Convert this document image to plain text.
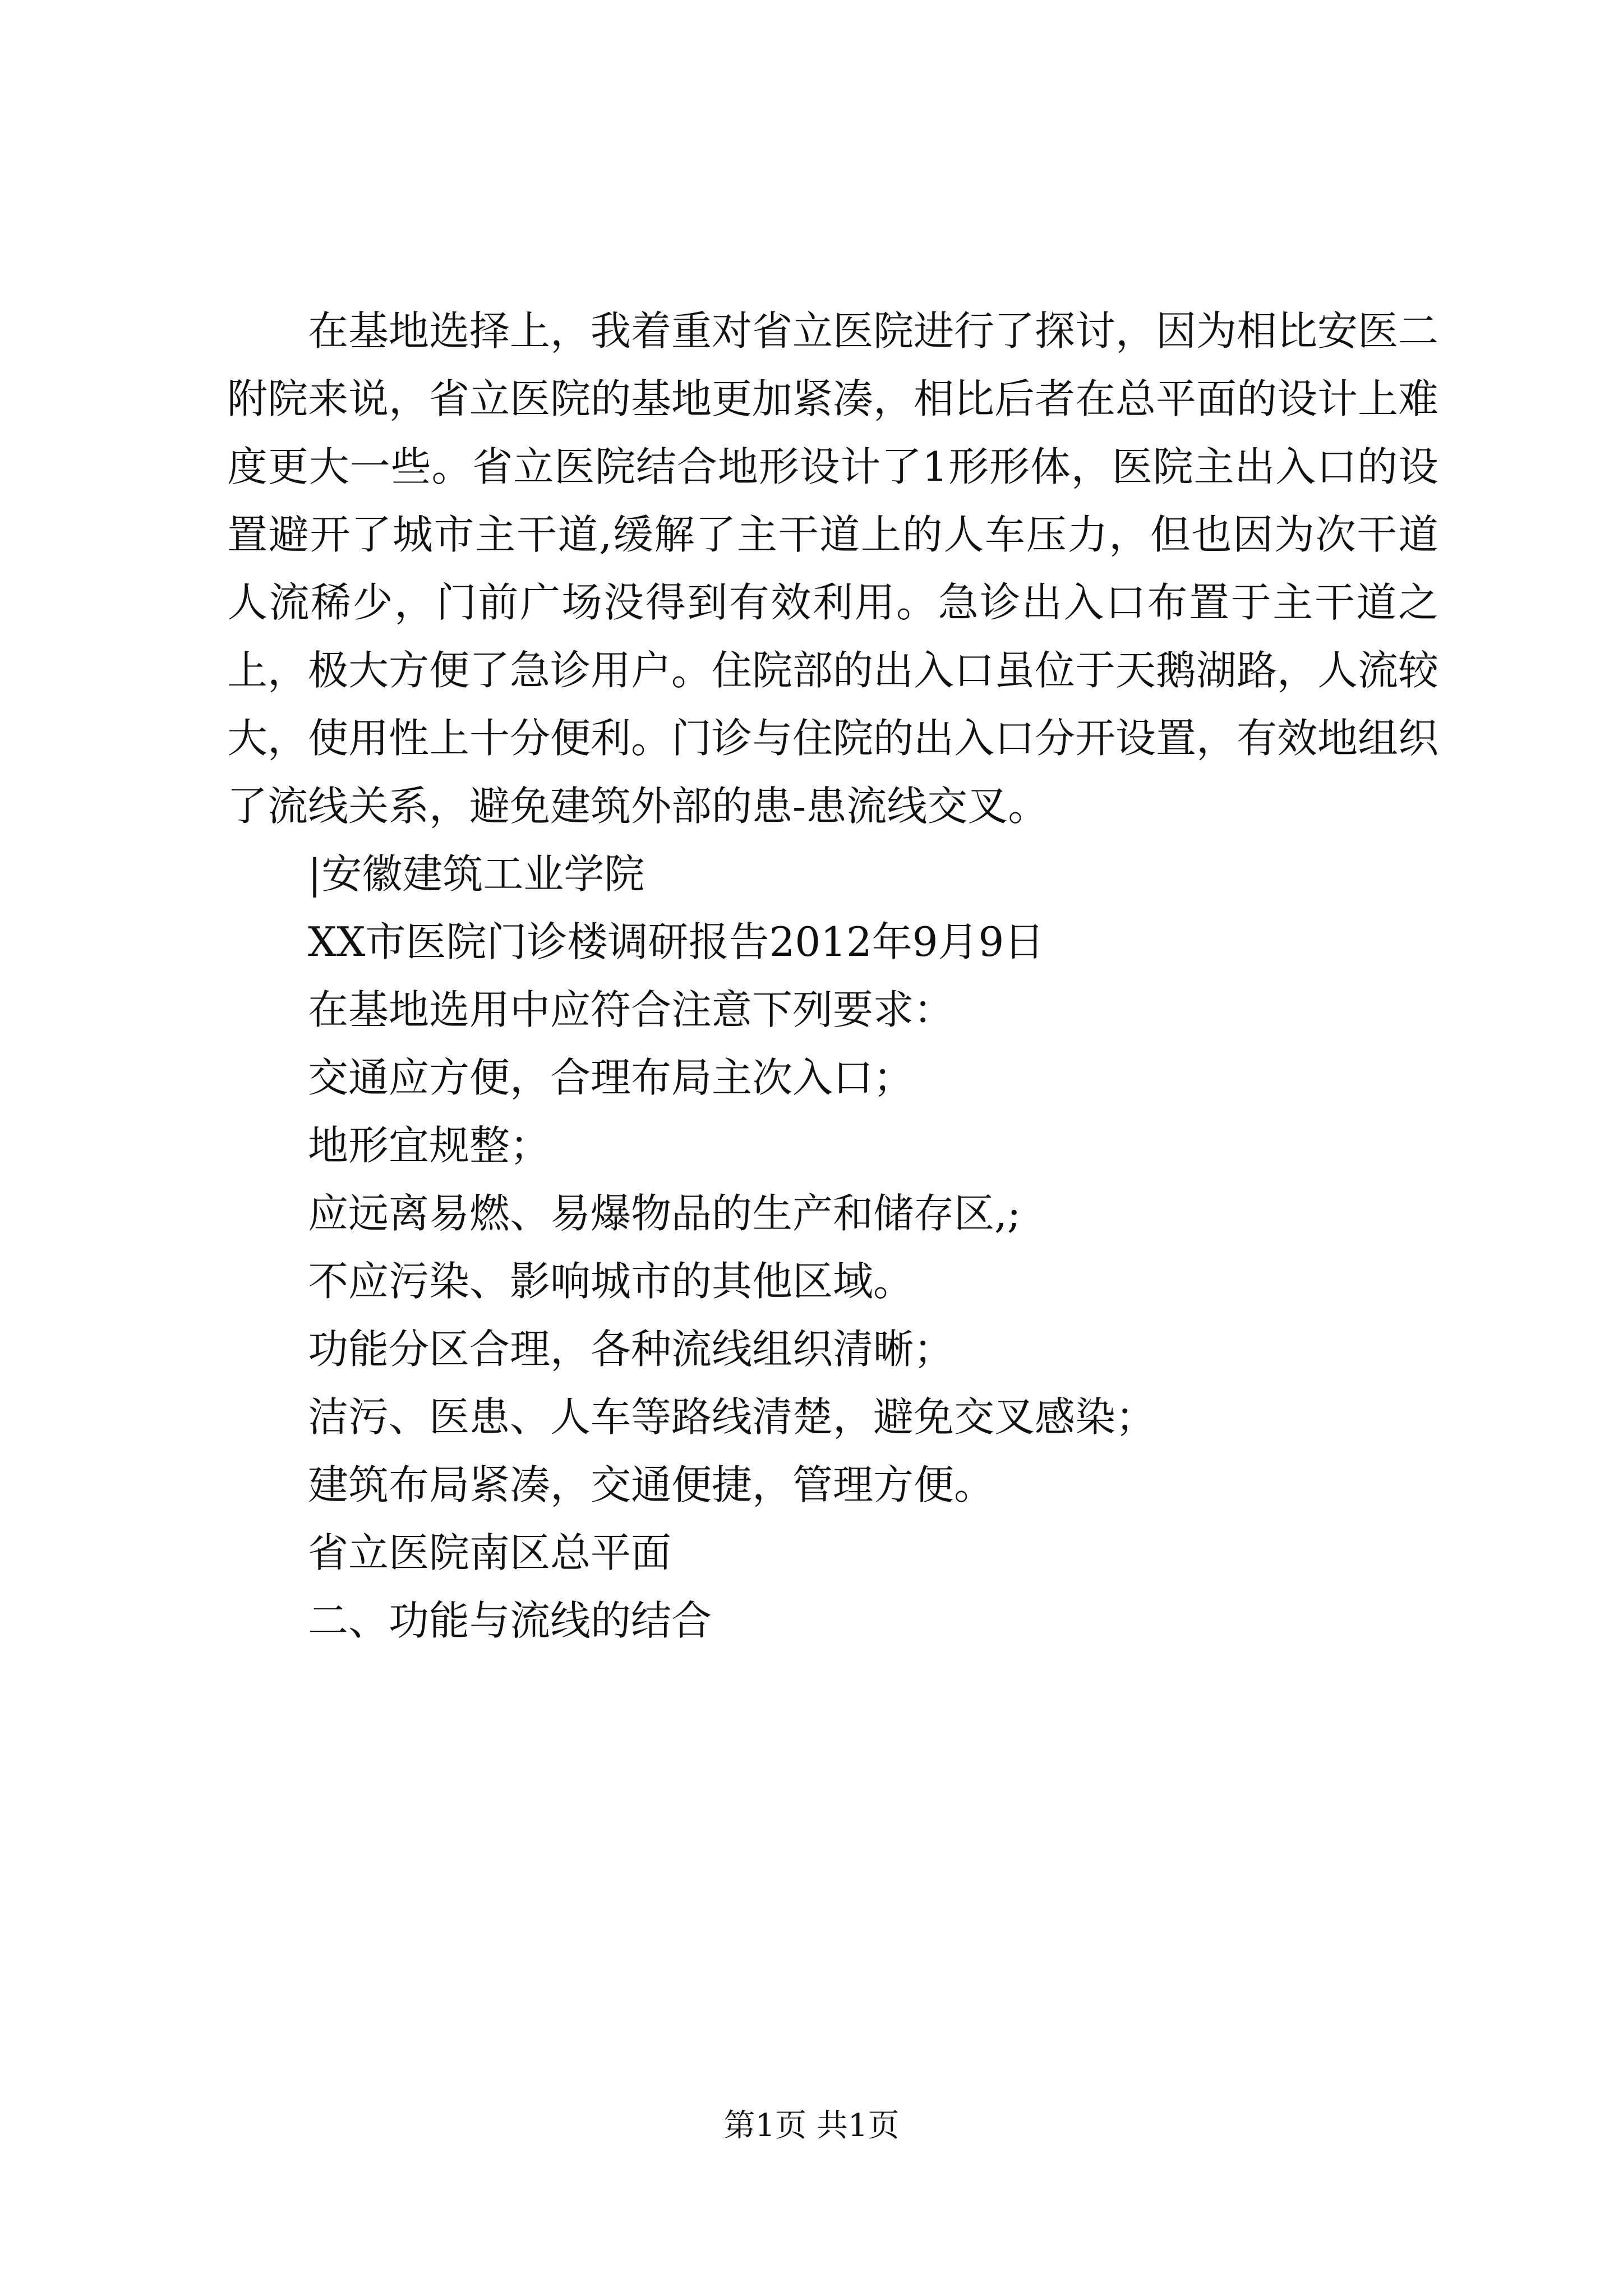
在基地选择上，我着重对省立医院进行了探讨，因为相比安医二附院来说，省立医院的基地更加紧凑，相比后者在总平面的设计上难度更大一些。省立医院结合地形设计了1形形体，医院主出入口的设置避开了城市主干道,缓解了主干道上的人车压力，但也因为次干道人流稀少，门前广场没得到有效利用。急诊出入口布置于主干道之上，极大方便了急诊用户。住院部的出入口虽位于天鹅湖路，人流较大，使用性上十分便利。门诊与住院的出入口分开设置，有效地组织了流线关系，避免建筑外部的患-患流线交叉。

|安徽建筑工业学院

XX市医院门诊楼调研报告2012年9月9日

在基地选用中应符合注意下列要求：

交通应方便，合理布局主次入口；

地形宜规整；

应远离易燃、易爆物品的生产和储存区,;

不应污染、影响城市的其他区域。

功能分区合理，各种流线组织清晰；

洁污、医患、人车等路线清楚，避免交叉感染；

建筑布局紧凑，交通便捷，管理方便。

省立医院南区总平面

二、功能与流线的结合

第1页 共1页
